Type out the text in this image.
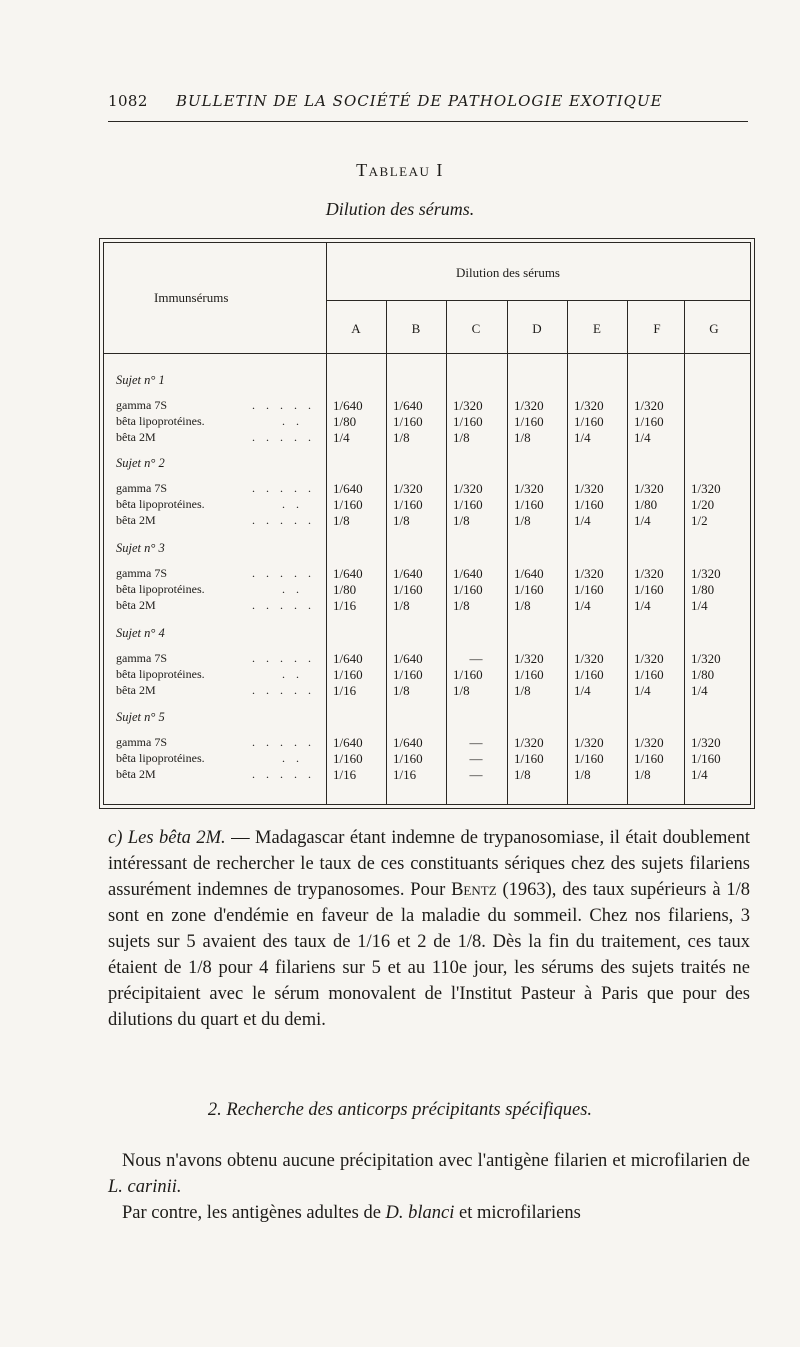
1082 BULLETIN DE LA SOCIÉTÉ DE PATHOLOGIE EXOTIQUE
Tableau I
Dilution des sérums.
Immunsérums
Dilution des sérums
A	B	C	D	E	F	G
Sujet n° 1
gamma 7S	. . . . . 1/640	1/640	1/320	1/320	1/320	1/320
bêta lipoprotéines.	. . 1/80	1/160	1/160	1/160	1/160	1/160
bêta 2M	. . . . . 1/4	1/8	1/8	1/8	1/4	1/4
Sujet n° 2
gamma 7S	. . . . . 1/640	1/320	1/320	1/320	1/320	1/320	1/320
bêta lipoprotéines.	. . 1/160	1/160	1/160	1/160	1/160	1/80	1/20
bêta 2M	. . . . . 1/8	1/8	1/8	1/8	1/4	1/4	1/2
Sujet n° 3
gamma 7S	. . . . . 1/640	1/640	1/640	1/640	1/320	1/320	1/320
bêta lipoprotéines.	. . 1/80	1/160	1/160	1/160	1/160	1/160	1/80
bêta 2M	. . . . . 1/16	1/8	1/8	1/8	1/4	1/4	1/4
Sujet n° 4
gamma 7S	. . . . . 1/640	1/640	—	1/320	1/320	1/320	1/320
bêta lipoprotéines.	. . 1/160	1/160	1/160	1/160	1/160	1/160	1/80
bêta 2M	. . . . . 1/16	1/8	1/8	1/8	1/4	1/4	1/4
Sujet n° 5
gamma 7S	. . . . . 1/640	1/640	—	1/320	1/320	1/320	1/320
bêta lipoprotéines.	. . 1/160	1/160	—	1/160	1/160	1/160	1/160
bêta 2M	. . . . . 1/16	1/16	—	1/8	1/8	1/8	1/4
c) Les bêta 2M. — Madagascar étant indemne de trypanosomiase, il était doublement intéressant de rechercher le taux de ces constituants sériques chez des sujets filariens assurément indemnes de trypanosomes. Pour Bentz (1963), des taux supérieurs à 1/8 sont en zone d'endémie en faveur de la maladie du sommeil. Chez nos filariens, 3 sujets sur 5 avaient des taux de 1/16 et 2 de 1/8. Dès la fin du traitement, ces taux étaient de 1/8 pour 4 filariens sur 5 et au 110e jour, les sérums des sujets traités ne précipitaient avec le sérum monovalent de l'Institut Pasteur à Paris que pour des dilutions du quart et du demi.
2. Recherche des anticorps précipitants spécifiques.
Nous n'avons obtenu aucune précipitation avec l'antigène filarien et microfilarien de L. carinii.
Par contre, les antigènes adultes de D. blanci et microfilariens
